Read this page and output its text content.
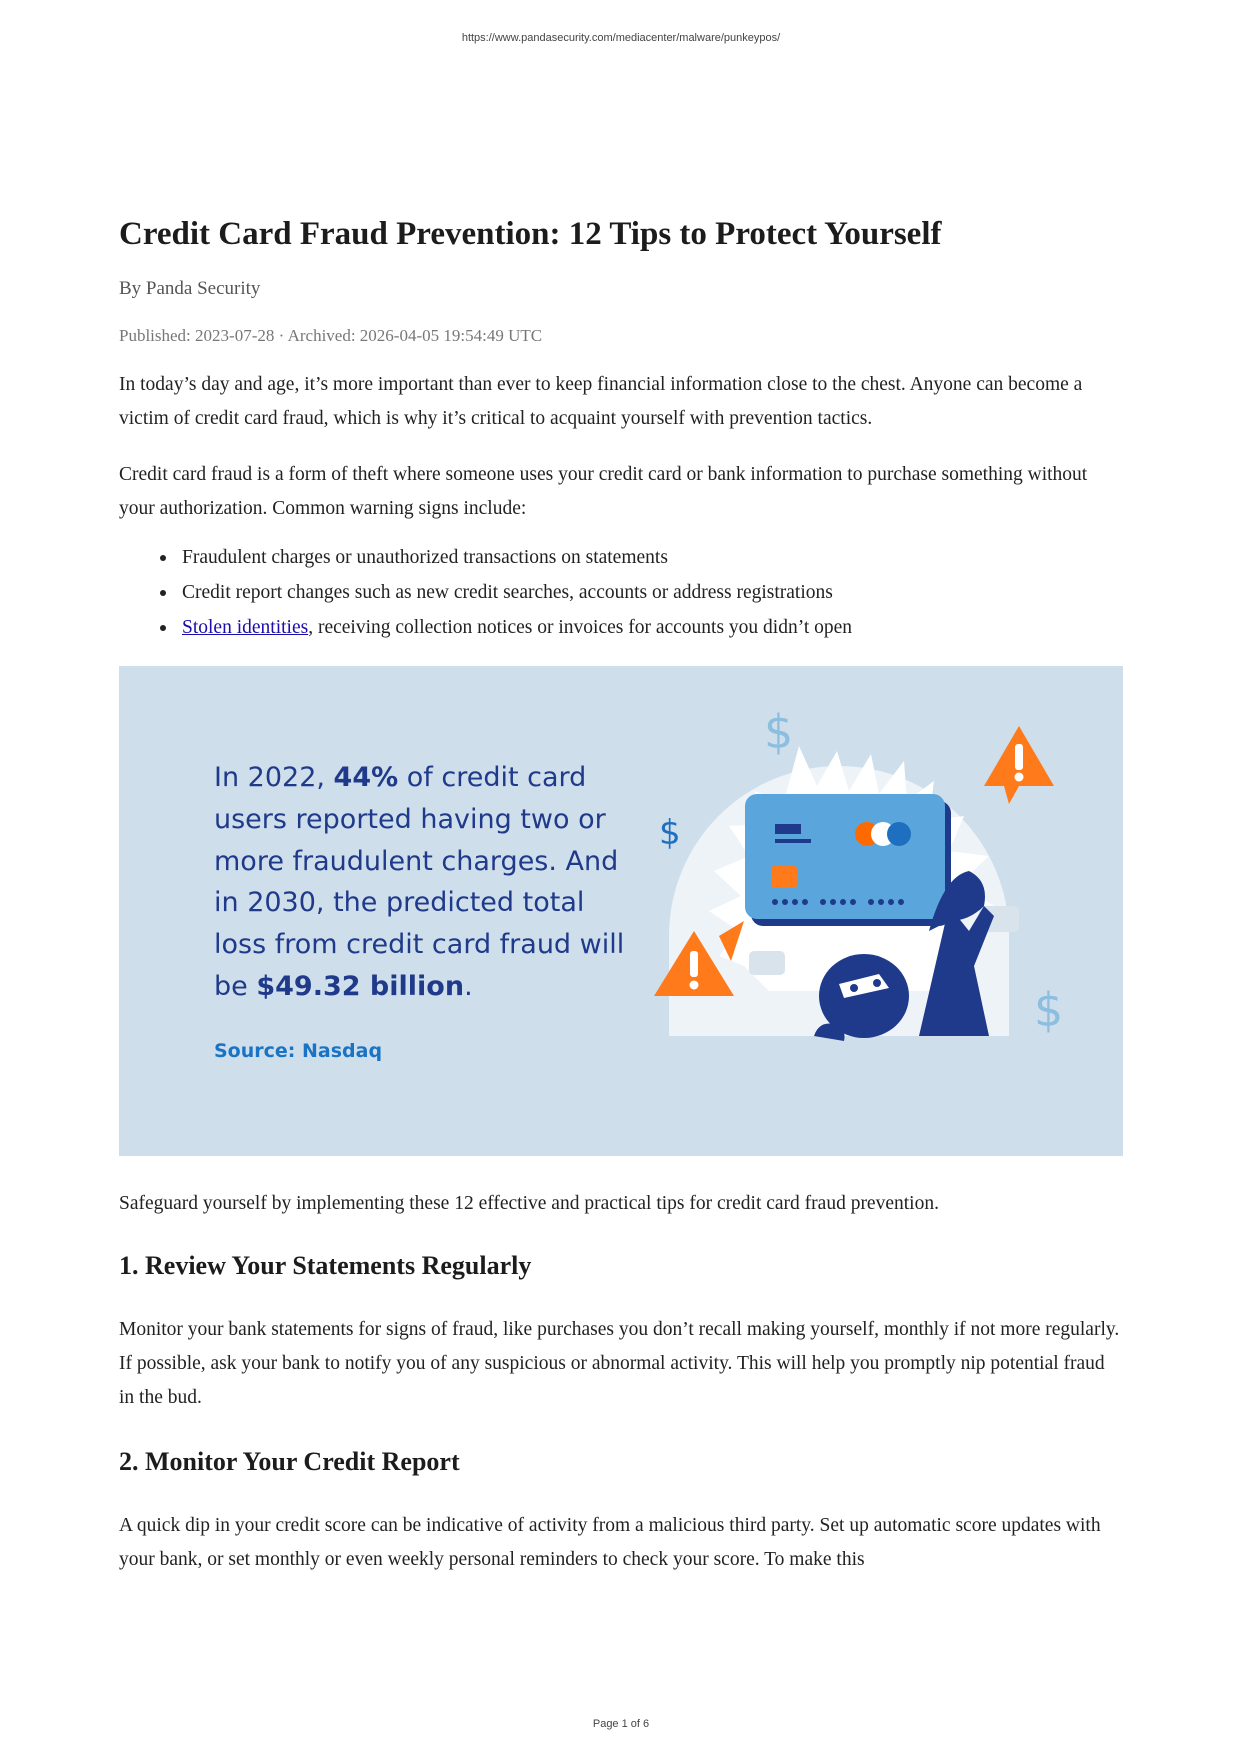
https://www.pandasecurity.com/mediacenter/malware/punkeypos/
Credit Card Fraud Prevention: 12 Tips to Protect Yourself
By Panda Security
Published: 2023-07-28 · Archived: 2026-04-05 19:54:49 UTC

In today’s day and age, it’s more important than ever to keep financial information close to the chest. Anyone can become a victim of credit card fraud, which is why it’s critical to acquaint yourself with prevention tactics.

Credit card fraud is a form of theft where someone uses your credit card or bank information to purchase something without your authorization. Common warning signs include:

Fraudulent charges or unauthorized transactions on statements
Credit report changes such as new credit searches, accounts or address registrations
Stolen identities, receiving collection notices or invoices for accounts you didn’t open
In 2022, 44% of credit card users reported having two or more fraudulent charges. And in 2030, the predicted total loss from credit card fraud will be $49.32 billion.
Source: Nasdaq
$
$
$

Safeguard yourself by implementing these 12 effective and practical tips for credit card fraud prevention.

1. Review Your Statements Regularly

Monitor your bank statements for signs of fraud, like purchases you don’t recall making yourself, monthly if not more regularly. If possible, ask your bank to notify you of any suspicious or abnormal activity. This will help you promptly nip potential fraud in the bud.

2. Monitor Your Credit Report

A quick dip in your credit score can be indicative of activity from a malicious third party. Set up automatic score updates with your bank, or set monthly or even weekly personal reminders to check your score. To make this

Page 1 of 6
